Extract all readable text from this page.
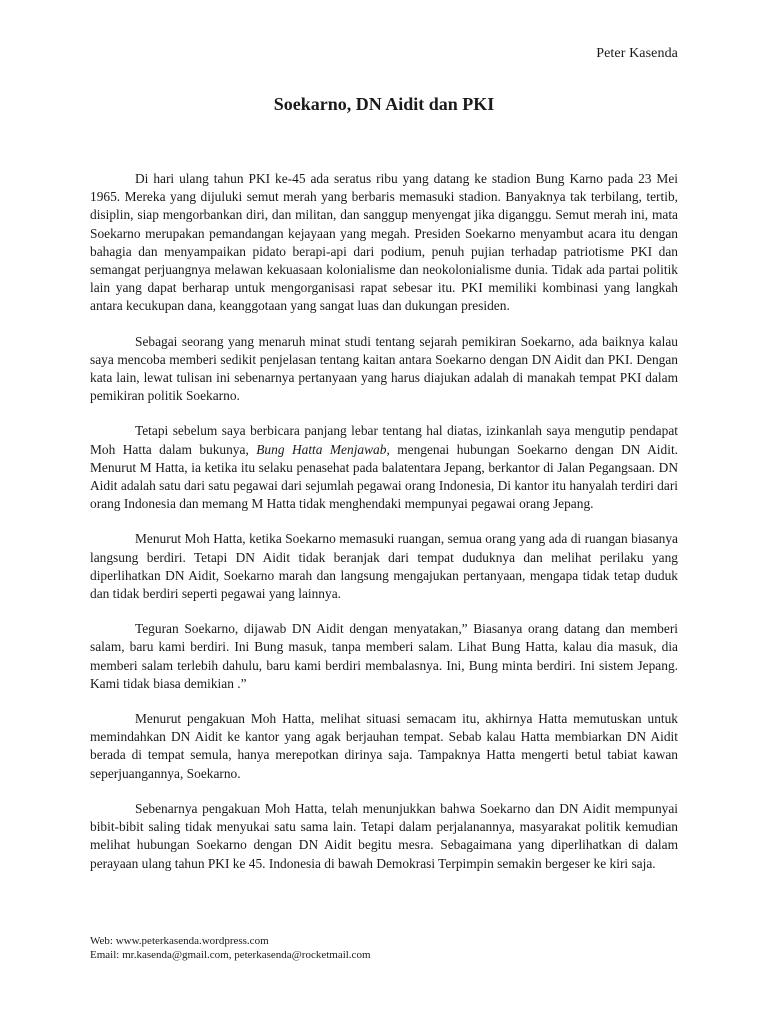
Peter Kasenda
Soekarno, DN Aidit dan PKI

Di hari ulang tahun PKI ke-45 ada seratus ribu yang datang ke stadion Bung Karno pada 23 Mei 1965. Mereka yang dijuluki semut merah yang berbaris memasuki stadion. Banyaknya tak terbilang, tertib, disiplin, siap mengorbankan diri, dan militan, dan sanggup menyengat jika diganggu. Semut merah ini, mata Soekarno merupakan pemandangan kejayaan yang megah. Presiden Soekarno menyambut acara itu dengan bahagia dan menyampaikan pidato berapi-api dari podium, penuh pujian terhadap patriotisme PKI dan semangat perjuangnya melawan kekuasaan kolonialisme dan neokolonialisme dunia. Tidak ada partai politik lain yang dapat berharap untuk mengorganisasi rapat sebesar itu. PKI memiliki kombinasi yang langkah antara kecukupan dana, keanggotaan yang sangat luas dan dukungan presiden.

Sebagai seorang yang menaruh minat studi tentang sejarah pemikiran Soekarno, ada baiknya kalau saya mencoba memberi sedikit penjelasan tentang kaitan antara Soekarno dengan DN Aidit dan PKI. Dengan kata lain, lewat tulisan ini sebenarnya pertanyaan yang harus diajukan adalah di manakah tempat PKI dalam pemikiran politik Soekarno.

Tetapi sebelum saya berbicara panjang lebar tentang hal diatas, izinkanlah saya mengutip pendapat Moh Hatta dalam bukunya, Bung Hatta Menjawab, mengenai hubungan Soekarno dengan DN Aidit. Menurut M Hatta, ia ketika itu selaku penasehat pada balatentara Jepang, berkantor di Jalan Pegangsaan. DN Aidit adalah satu dari satu pegawai dari sejumlah pegawai orang Indonesia, Di kantor itu hanyalah terdiri dari orang Indonesia dan memang M Hatta tidak menghendaki mempunyai pegawai orang Jepang.

Menurut Moh Hatta, ketika Soekarno memasuki ruangan, semua orang yang ada di ruangan biasanya langsung berdiri. Tetapi DN Aidit tidak beranjak dari tempat duduknya dan melihat perilaku yang diperlihatkan DN Aidit, Soekarno marah dan langsung mengajukan pertanyaan, mengapa tidak tetap duduk dan tidak berdiri seperti pegawai yang lainnya.

Teguran Soekarno, dijawab DN Aidit dengan menyatakan,” Biasanya orang datang dan memberi salam, baru kami berdiri. Ini Bung masuk, tanpa memberi salam. Lihat Bung Hatta, kalau dia masuk, dia memberi salam terlebih dahulu, baru kami berdiri membalasnya. Ini, Bung minta berdiri. Ini sistem Jepang. Kami tidak biasa demikian .”

Menurut pengakuan Moh Hatta, melihat situasi semacam itu, akhirnya Hatta memutuskan untuk memindahkan DN Aidit ke kantor yang agak berjauhan tempat. Sebab kalau Hatta membiarkan DN Aidit berada di tempat semula, hanya merepotkan dirinya saja. Tampaknya Hatta mengerti betul tabiat kawan seperjuangannya, Soekarno.

Sebenarnya pengakuan Moh Hatta, telah menunjukkan bahwa Soekarno dan DN Aidit mempunyai bibit-bibit saling tidak menyukai satu sama lain. Tetapi dalam perjalanannya, masyarakat politik kemudian melihat hubungan Soekarno dengan DN Aidit begitu mesra. Sebagaimana yang diperlihatkan di dalam perayaan ulang tahun PKI ke 45. Indonesia di bawah Demokrasi Terpimpin semakin bergeser ke kiri saja.

Web: www.peterkasenda.wordpress.com
Email: mr.kasenda@gmail.com, peterkasenda@rocketmail.com
